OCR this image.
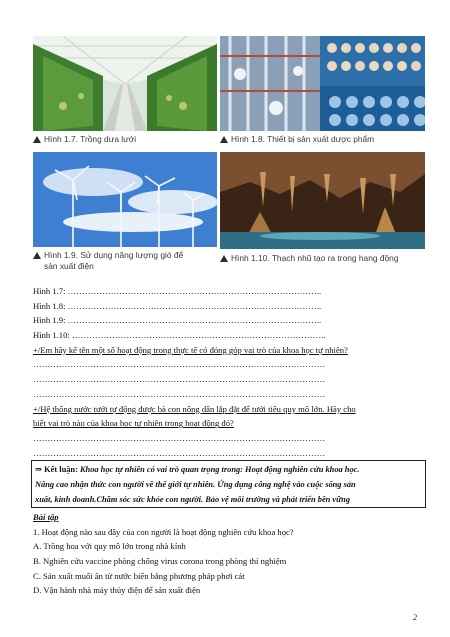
Hình 1.7. Trồng dưa lưới	Hình 1.8. Thiết bị sản xuất dược phẩm
Hình 1.9. Sử dụng năng lượng gió để
sản xuất điện
Hình 1.10. Thạch nhũ tạo ra trong hang động
Hình 1.7: ……………………………………………………………………………..
Hình 1.8: ……………………………………………………………………………..
Hình 1.9: ……………………………………………………………………………..
Hình 1.10: ……………………………………………………………………………..
+/Em hãy kể tên một số hoạt động trong thực tế có đóng góp vai trò của khoa học tự nhiên?
…………………………………………………………………………………………
…………………………………………………………………………………………
…………………………………………………………………………………………
+/Hệ thống nước tưới tự động được bà con nông dân lắp đặt để tưới tiêu quy mô lớn. Hãy cho
biết vai trò nào của khoa học tự nhiên trong hoạt động đó?
…………………………………………………………………………………………
…………………………………………………………………………………………
⇒ Kết luận: Khoa học tự nhiên có vai trò quan trọng trong: Hoạt động nghiên cứu khoa học.
Nâng cao nhận thức con người về thế giới tự nhiên. Ứng dụng công nghệ vào cuộc sống sản
xuất, kinh doanh.Chăm sóc sức khỏe con người. Bảo vệ môi trường và phát triển bền vững
Bài tập
1. Hoạt động nào sau đây của con người là hoạt động nghiên cứu khoa học?
A. Trồng hoa với quy mô lớn trong nhà kính
B. Nghiên cứu vaccine phòng chống virus corona trong phòng thí nghiệm
C. Sản xuất muối ăn từ nước biển bằng phương pháp phơi cát
D. Vận hành nhà máy thủy điện để sản xuất điện
2
